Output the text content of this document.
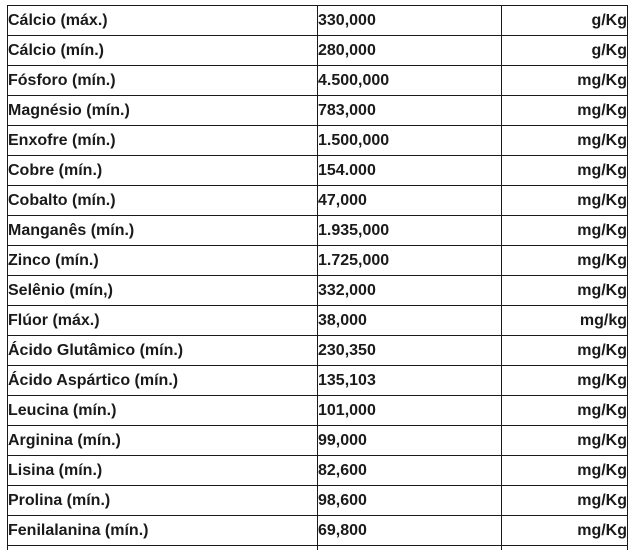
Cálcio (máx.)	330,000	g/Kg
Cálcio (mín.)	280,000	g/Kg
Fósforo (mín.)	4.500,000	mg/Kg
Magnésio (mín.)	783,000	mg/Kg
Enxofre (mín.)	1.500,000	mg/Kg
Cobre (mín.)	154.000	mg/Kg
Cobalto (mín.)	47,000	mg/Kg
Manganês (mín.)	1.935,000	mg/Kg
Zinco (mín.)	1.725,000	mg/Kg
Selênio (mín,)	332,000	mg/Kg
Flúor (máx.)	38,000	mg/kg
Ácido Glutâmico (mín.)	230,350	mg/Kg
Ácido Aspártico (mín.)	135,103	mg/Kg
Leucina (mín.)	101,000	mg/Kg
Arginina (mín.)	99,000	mg/Kg
Lisina (mín.)	82,600	mg/Kg
Prolina (mín.)	98,600	mg/Kg
Fenilalanina (mín.)	69,800	mg/Kg
